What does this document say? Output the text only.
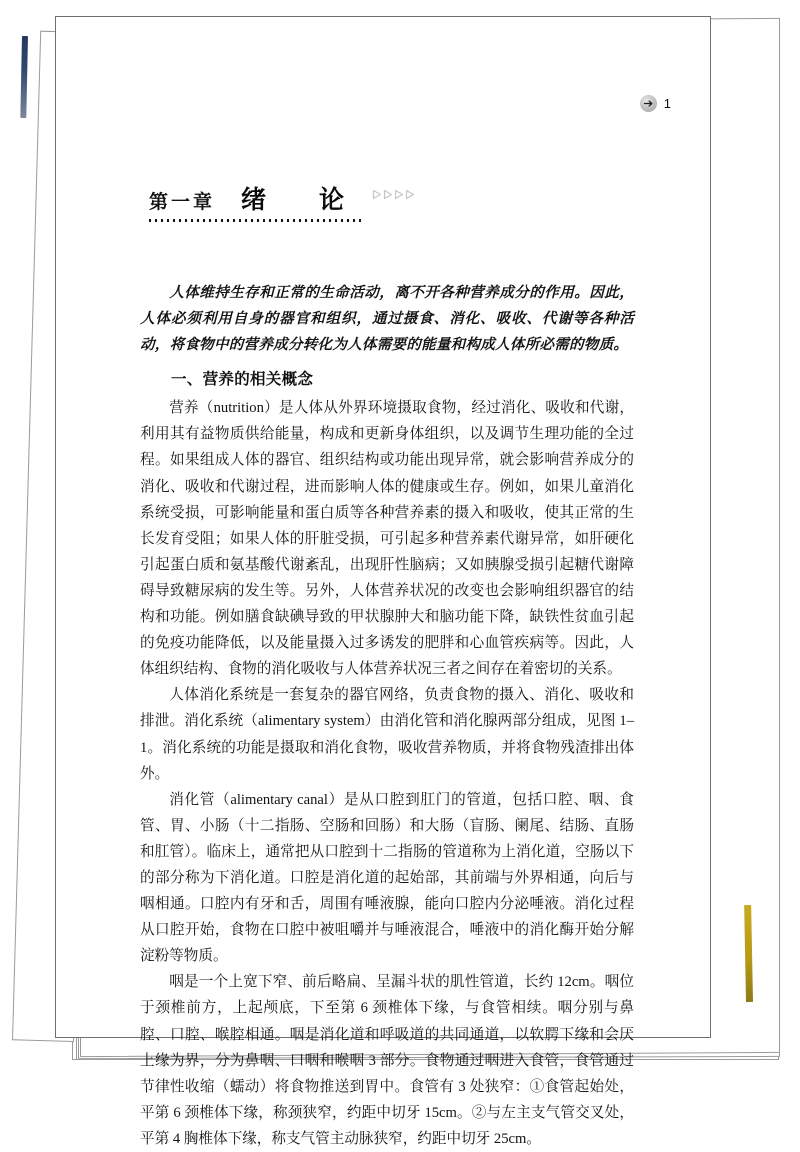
1
第一章 绪　论

人体维持生存和正常的生命活动，离不开各种营养成分的作用。因此，人体必须利用自身的器官和组织，通过摄食、消化、吸收、代谢等各种活动，将食物中的营养成分转化为人体需要的能量和构成人体所必需的物质。

一、营养的相关概念

营养（nutrition）是人体从外界环境摄取食物，经过消化、吸收和代谢，利用其有益物质供给能量，构成和更新身体组织，以及调节生理功能的全过程。如果组成人体的器官、组织结构或功能出现异常，就会影响营养成分的消化、吸收和代谢过程，进而影响人体的健康或生存。例如，如果儿童消化系统受损，可影响能量和蛋白质等各种营养素的摄入和吸收，使其正常的生长发育受阻；如果人体的肝脏受损，可引起多种营养素代谢异常，如肝硬化引起蛋白质和氨基酸代谢紊乱，出现肝性脑病；又如胰腺受损引起糖代谢障碍导致糖尿病的发生等。另外，人体营养状况的改变也会影响组织器官的结构和功能。例如膳食缺碘导致的甲状腺肿大和脑功能下降，缺铁性贫血引起的免疫功能降低，以及能量摄入过多诱发的肥胖和心血管疾病等。因此，人体组织结构、食物的消化吸收与人体营养状况三者之间存在着密切的关系。

人体消化系统是一套复杂的器官网络，负责食物的摄入、消化、吸收和排泄。消化系统（alimentary system）由消化管和消化腺两部分组成，见图 1–1。消化系统的功能是摄取和消化食物，吸收营养物质，并将食物残渣排出体外。

消化管（alimentary canal）是从口腔到肛门的管道，包括口腔、咽、食管、胃、小肠（十二指肠、空肠和回肠）和大肠（盲肠、阑尾、结肠、直肠和肛管）。临床上，通常把从口腔到十二指肠的管道称为上消化道，空肠以下的部分称为下消化道。口腔是消化道的起始部，其前端与外界相通，向后与咽相通。口腔内有牙和舌，周围有唾液腺，能向口腔内分泌唾液。消化过程从口腔开始，食物在口腔中被咀嚼并与唾液混合，唾液中的消化酶开始分解淀粉等物质。

咽是一个上宽下窄、前后略扁、呈漏斗状的肌性管道，长约 12cm。咽位于颈椎前方，上起颅底，下至第 6 颈椎体下缘，与食管相续。咽分别与鼻腔、口腔、喉腔相通。咽是消化道和呼吸道的共同通道，以软腭下缘和会厌上缘为界，分为鼻咽、口咽和喉咽 3 部分。食物通过咽进入食管，食管通过节律性收缩（蠕动）将食物推送到胃中。食管有 3 处狭窄：①食管起始处，平第 6 颈椎体下缘，称颈狭窄，约距中切牙 15cm。②与左主支气管交叉处，平第 4 胸椎体下缘，称支气管主动脉狭窄，约距中切牙 25cm。
